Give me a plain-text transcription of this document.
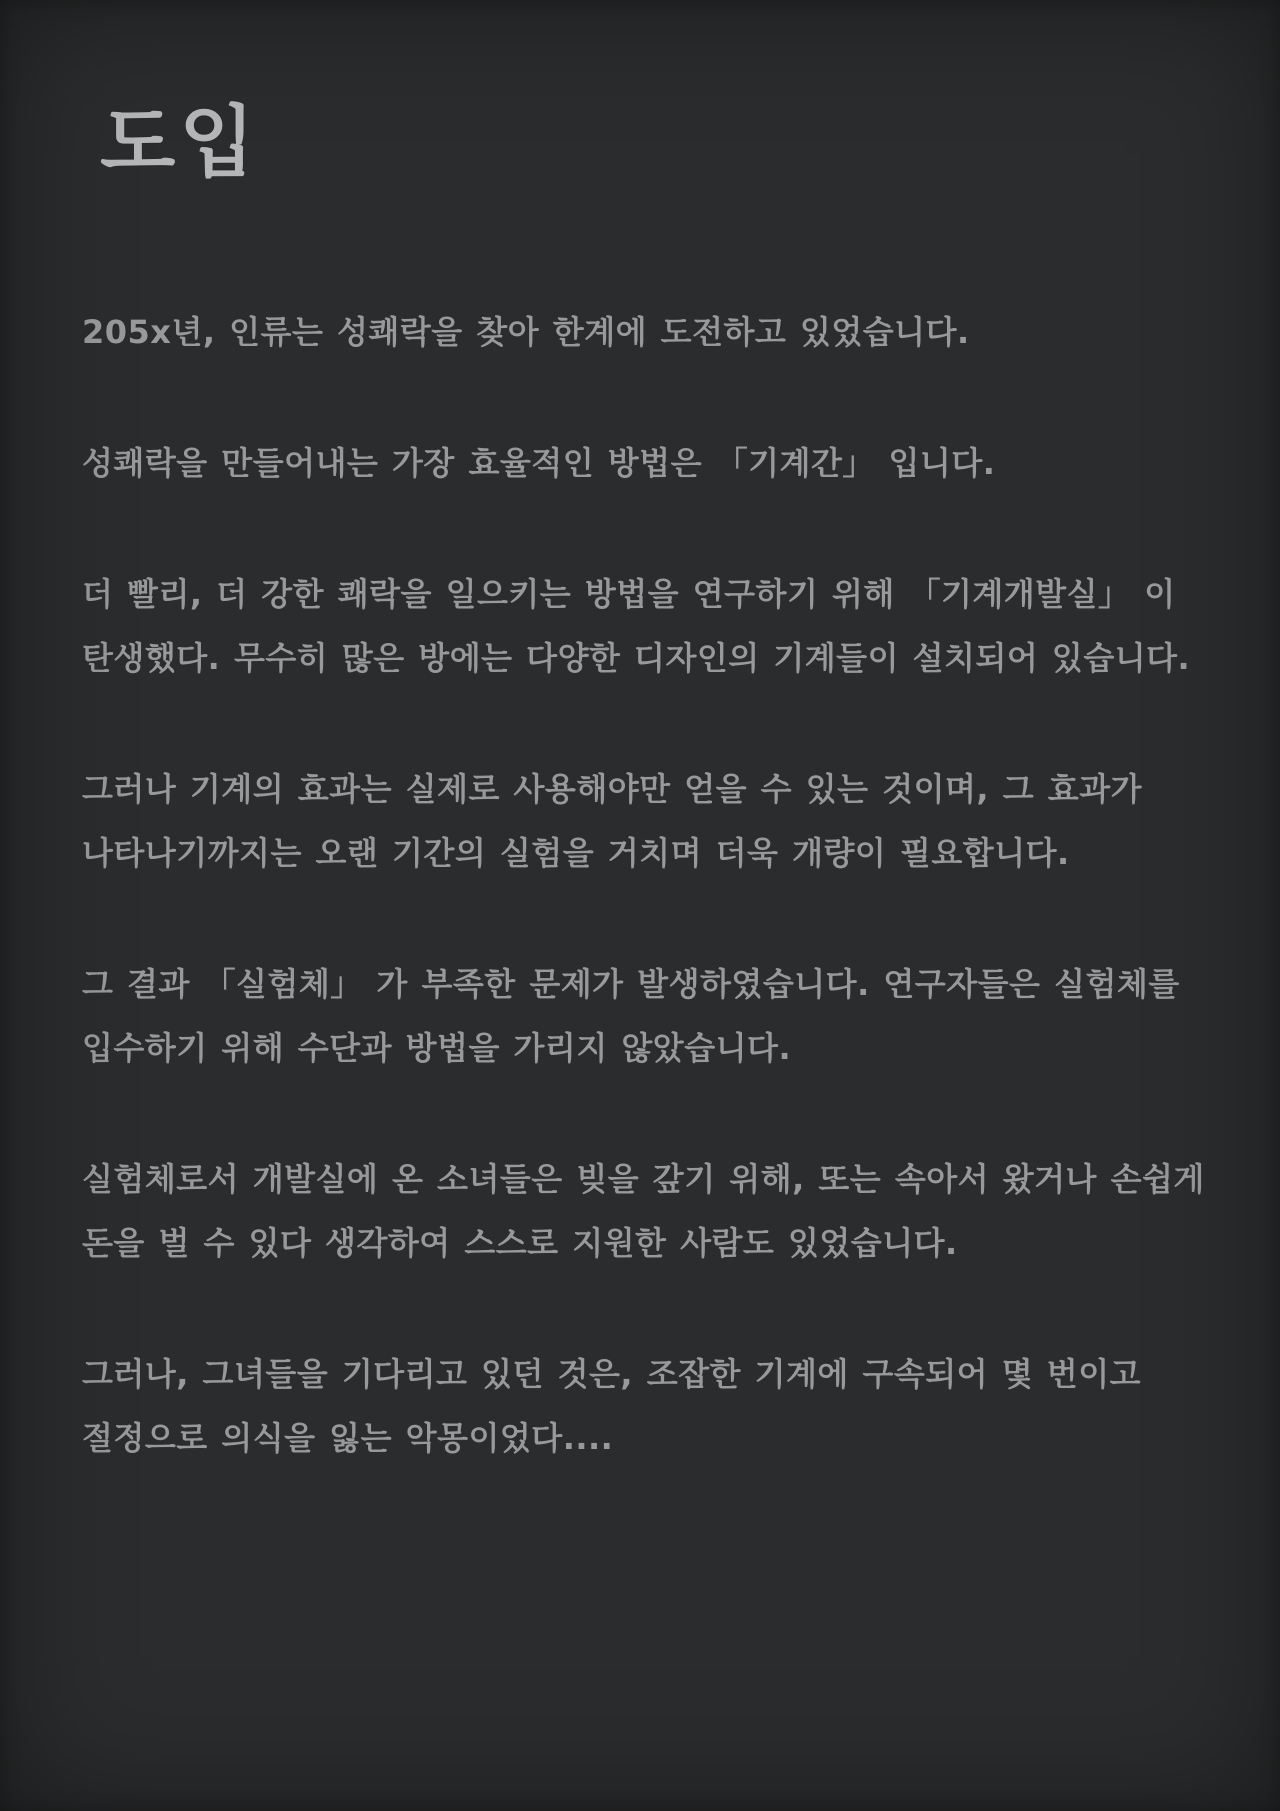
도입
205x년, 인류는 성쾌락을 찾아 한계에 도전하고 있었습니다.
성쾌락을 만들어내는 가장 효율적인 방법은 「기계간」 입니다.
더 빨리, 더 강한 쾌락을 일으키는 방법을 연구하기 위해 「기계개발실」 이
탄생했다. 무수히 많은 방에는 다양한 디자인의 기계들이 설치되어 있습니다.
그러나 기계의 효과는 실제로 사용해야만 얻을 수 있는 것이며, 그 효과가
나타나기까지는 오랜 기간의 실험을 거치며 더욱 개량이 필요합니다.
그 결과 「실험체」 가 부족한 문제가 발생하였습니다. 연구자들은 실험체를
입수하기 위해 수단과 방법을 가리지 않았습니다.
실험체로서 개발실에 온 소녀들은 빚을 갚기 위해, 또는 속아서 왔거나 손쉽게
돈을 벌 수 있다 생각하여 스스로 지원한 사람도 있었습니다.
그러나, 그녀들을 기다리고 있던 것은, 조잡한 기계에 구속되어 몇 번이고
절정으로 의식을 잃는 악몽이었다....
